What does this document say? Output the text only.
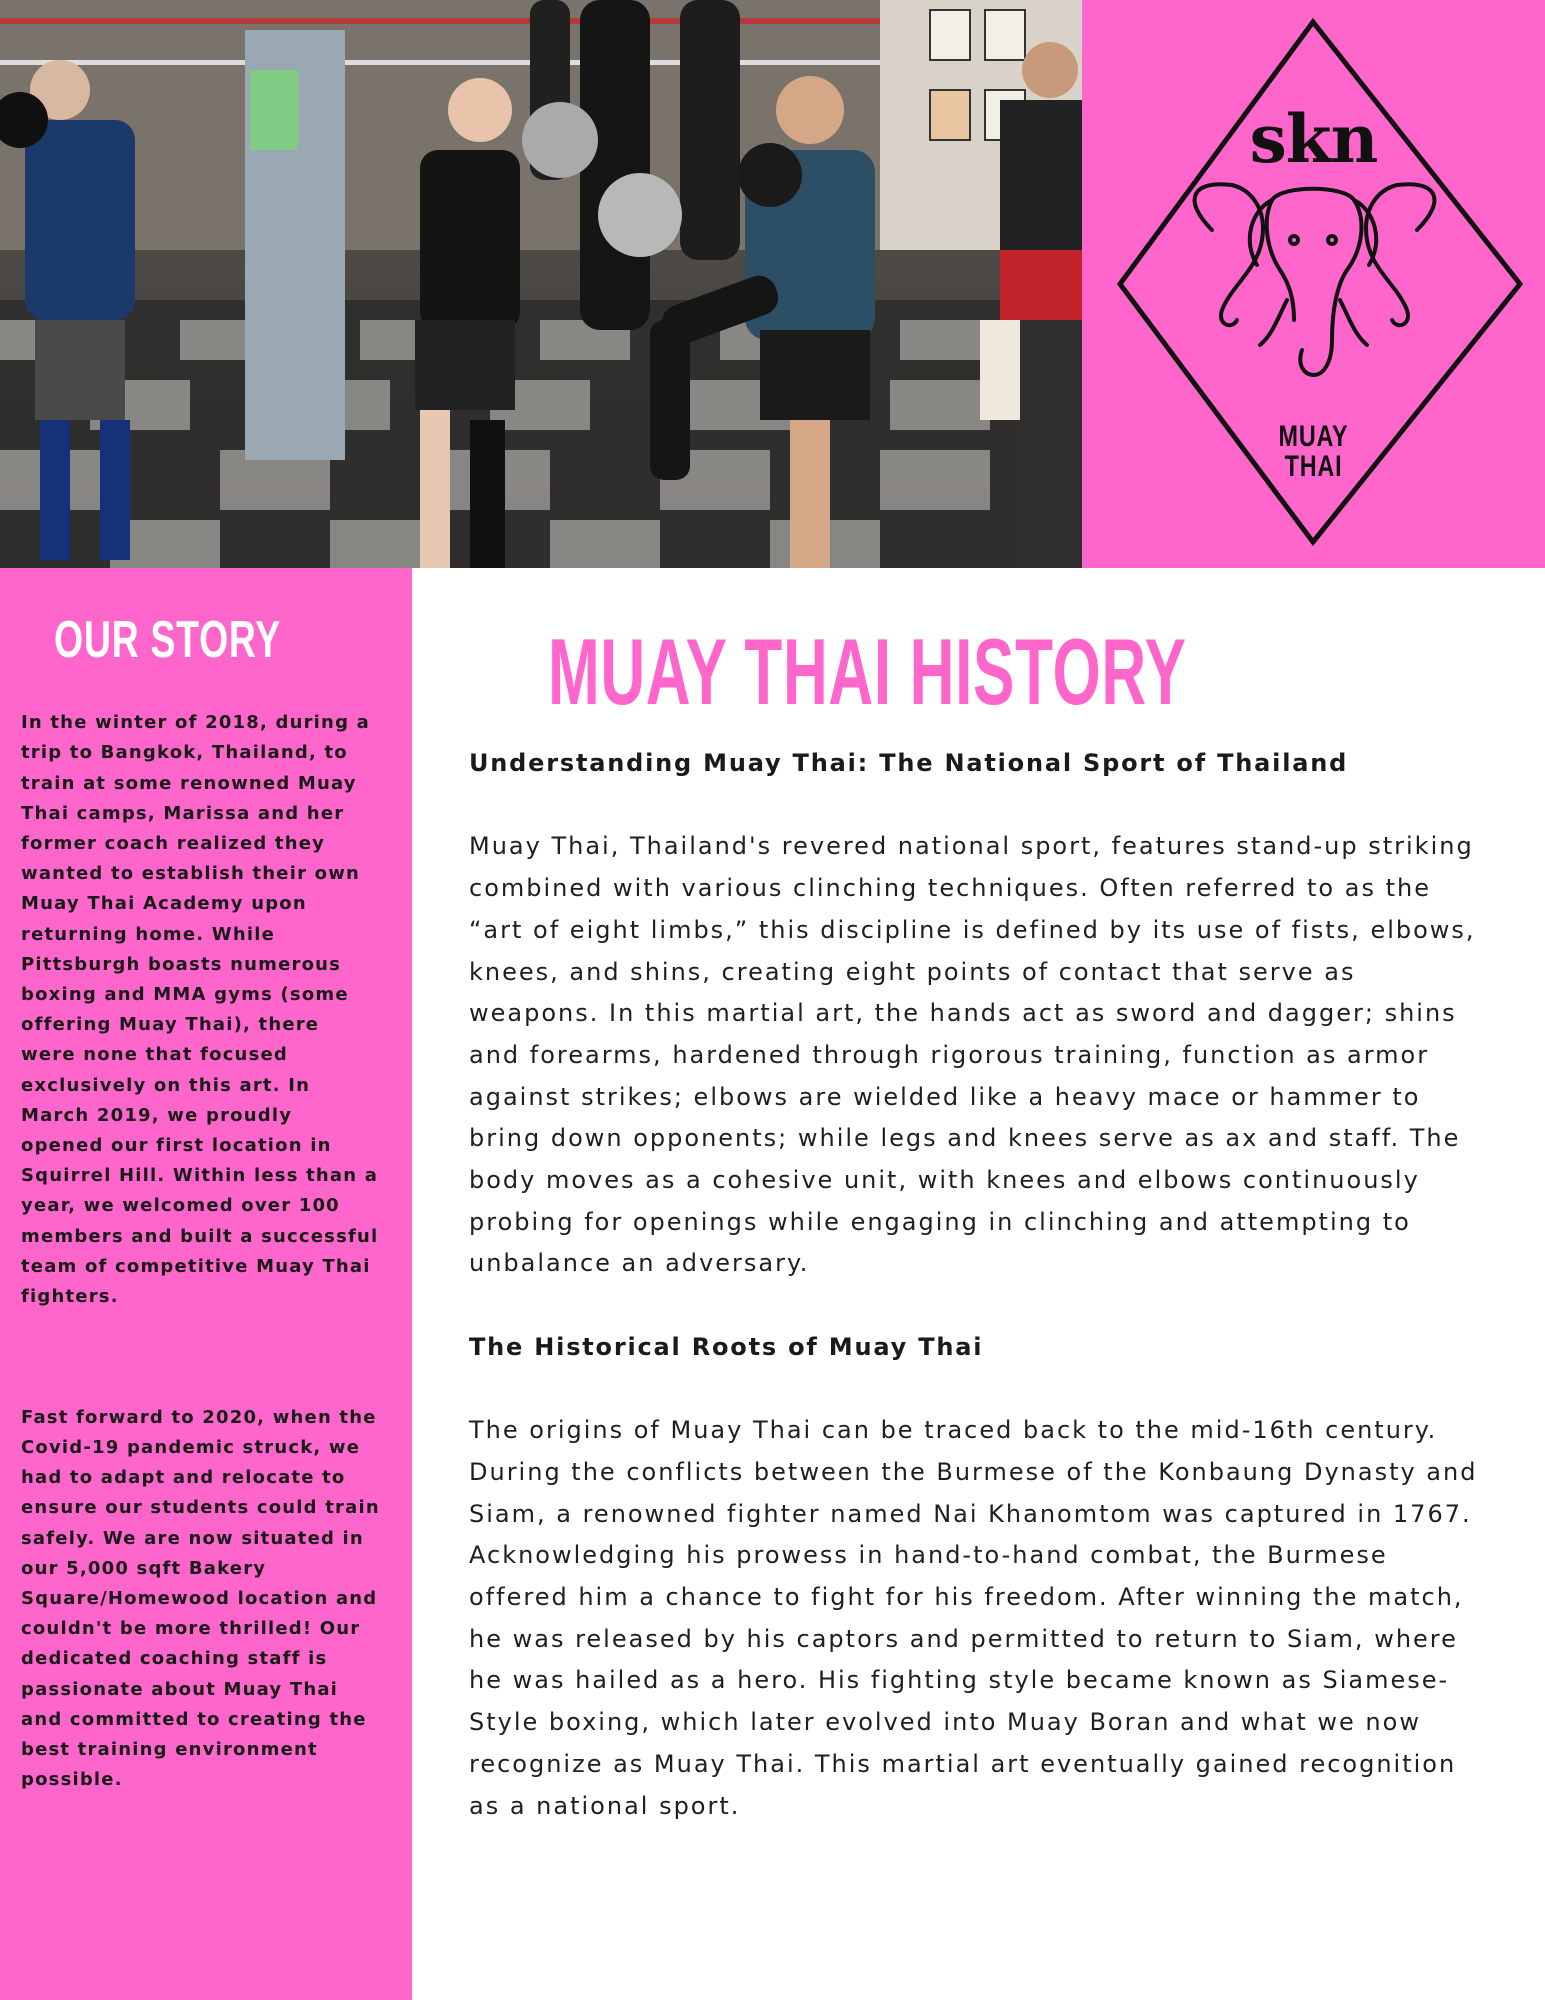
skn
MUAY
THAI
OUR STORY

In the winter of 2018, during a trip to Bangkok, Thailand, to train at some renowned Muay Thai camps, Marissa and her former coach realized they wanted to establish their own Muay Thai Academy upon returning home. While Pittsburgh boasts numerous boxing and MMA gyms (some offering Muay Thai), there were none that focused exclusively on this art. In March 2019, we proudly opened our first location in Squirrel Hill. Within less than a year, we welcomed over 100 members and built a successful team of competitive Muay Thai fighters.

Fast forward to 2020, when the Covid-19 pandemic struck, we had to adapt and relocate to ensure our students could train safely. We are now situated in our 5,000 sqft Bakery Square/Homewood location and couldn't be more thrilled! Our dedicated coaching staff is passionate about Muay Thai and committed to creating the best training environment possible.

MUAY THAI HISTORY
Understanding Muay Thai: The National Sport of Thailand

Muay Thai, Thailand's revered national sport, features stand-up striking combined with various clinching techniques. Often referred to as the “art of eight limbs,” this discipline is defined by its use of fists, elbows, knees, and shins, creating eight points of contact that serve as weapons. In this martial art, the hands act as sword and dagger; shins and forearms, hardened through rigorous training, function as armor against strikes; elbows are wielded like a heavy mace or hammer to bring down opponents; while legs and knees serve as ax and staff. The body moves as a cohesive unit, with knees and elbows continuously probing for openings while engaging in clinching and attempting to unbalance an adversary.

The Historical Roots of Muay Thai

The origins of Muay Thai can be traced back to the mid-16th century. During the conflicts between the Burmese of the Konbaung Dynasty and Siam, a renowned fighter named Nai Khanomtom was captured in 1767. Acknowledging his prowess in hand-to-hand combat, the Burmese offered him a chance to fight for his freedom. After winning the match, he was released by his captors and permitted to return to Siam, where he was hailed as a hero. His fighting style became known as Siamese-Style boxing, which later evolved into Muay Boran and what we now recognize as Muay Thai. This martial art eventually gained recognition as a national sport.
